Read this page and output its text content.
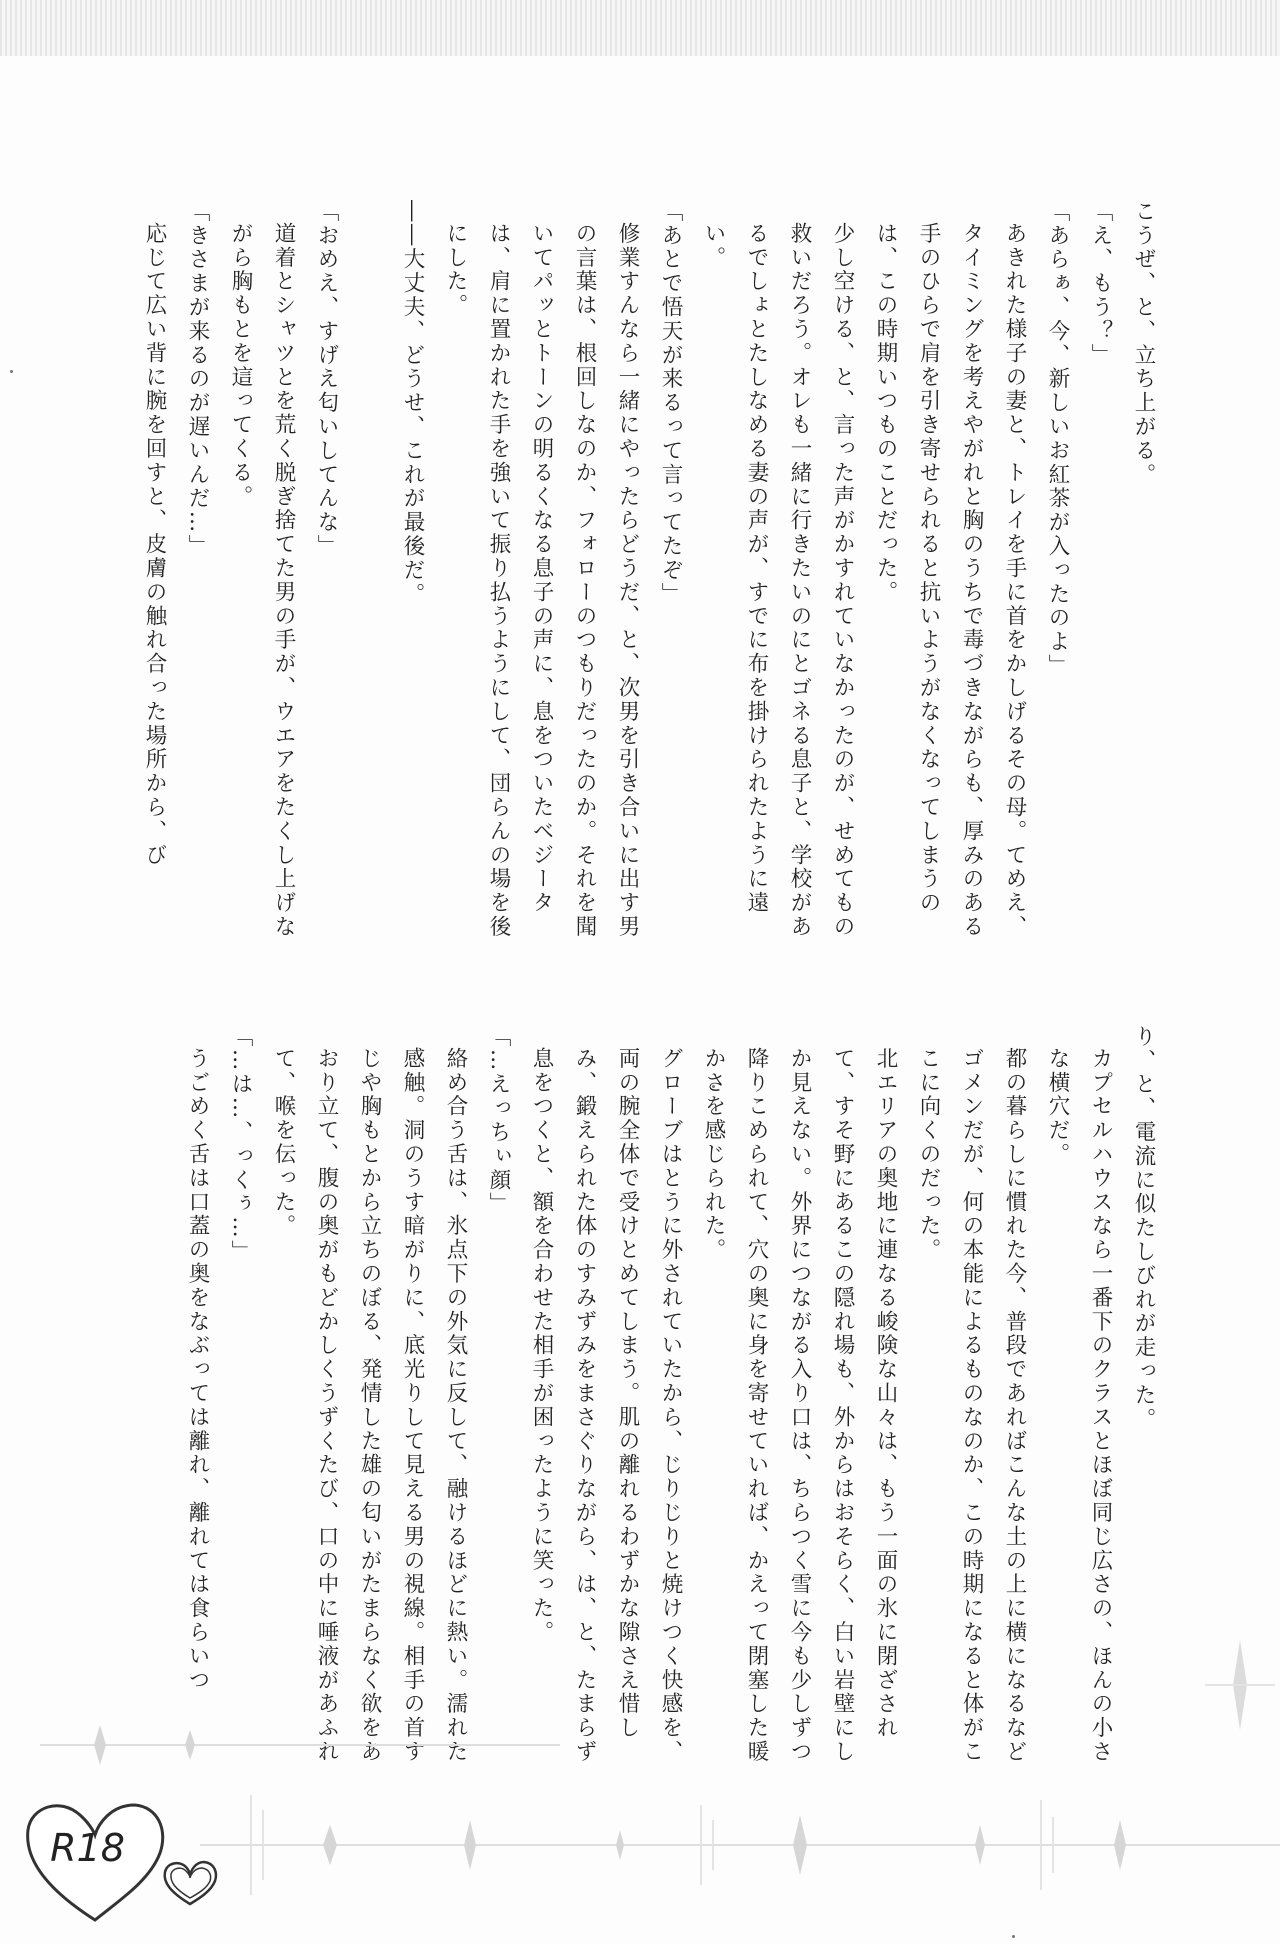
こうぜ、と、立ち上がる。

「え、もう？」

「あらぁ、今、新しいお紅茶が入ったのよ」

あきれた様子の妻と、トレイを手に首をかしげるその母。てめえ、タイミングを考えやがれと胸のうちで毒づきながらも、厚みのある手のひらで肩を引き寄せられると抗いようがなくなってしまうのは、この時期いつものことだった。

少し空ける、と、言った声がかすれていなかったのが、せめてもの救いだろう。オレも一緒に行きたいのにとゴネる息子と、学校があるでしょとたしなめる妻の声が、すでに布を掛けられたように遠い。

「あとで悟天が来るって言ってたぞ」

修業すんなら一緒にやったらどうだ、と、次男を引き合いに出す男の言葉は、根回しなのか、フォローのつもりだったのか。それを聞いてパッとトーンの明るくなる息子の声に、息をついたベジータは、肩に置かれた手を強いて振り払うようにして、団らんの場を後にした。

――大丈夫、どうせ、これが最後だ。

「おめえ、すげえ匂いしてんな」

道着とシャツとを荒く脱ぎ捨てた男の手が、ウエアをたくし上げながら胸もとを這ってくる。

「きさまが来るのが遅いんだ…」

応じて広い背に腕を回すと、皮膚の触れ合った場所から、び

り、と、電流に似たしびれが走った。

カプセルハウスなら一番下のクラスとほぼ同じ広さの、ほんの小さな横穴だ。

都の暮らしに慣れた今、普段であればこんな土の上に横になるなどゴメンだが、何の本能によるものなのか、この時期になると体がここに向くのだった。

北エリアの奥地に連なる峻険な山々は、もう一面の氷に閉ざされて、すそ野にあるこの隠れ場も、外からはおそらく、白い岩壁にしか見えない。外界につながる入り口は、ちらつく雪に今も少しずつ降りこめられて、穴の奥に身を寄せていれば、かえって閉塞した暖かさを感じられた。

グローブはとうに外されていたから、じりじりと焼けつく快感を、両の腕全体で受けとめてしまう。肌の離れるわずかな隙さえ惜しみ、鍛えられた体のすみずみをまさぐりながら、は、と、たまらず息をつくと、額を合わせた相手が困ったように笑った。

「…えっちぃ顔」

絡め合う舌は、氷点下の外気に反して、融けるほどに熱い。濡れた感触。洞のうす暗がりに、底光りして見える男の視線。相手の首すじや胸もとから立ちのぼる、発情した雄の匂いがたまらなく欲をあおり立て、腹の奥がもどかしくうずくたび、口の中に唾液があふれて、喉を伝った。

「…は…、っくぅ…」

うごめく舌は口蓋の奥をなぶっては離れ、離れては食らいつ

R18
